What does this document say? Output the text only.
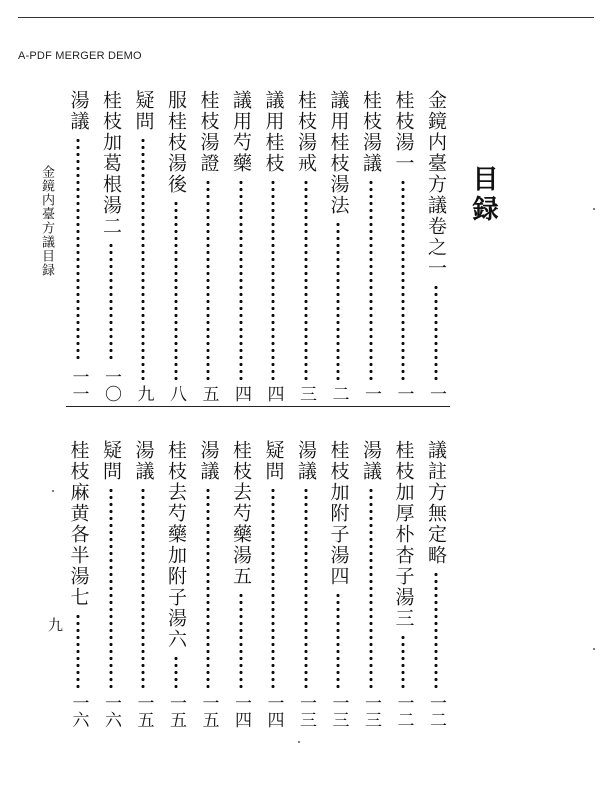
A-PDF MERGER DEMO
目録
金鏡内臺方議卷之一
一
桂枝湯一
一
桂枝湯議
一
議用桂枝湯法
二
桂枝湯戒
三
議用桂枝
四
議用芍藥
四
桂枝湯證
五
服桂枝湯後
八
疑問
九
桂枝加葛根湯二
一〇
湯議
一一
議註方無定略
一二
桂枝加厚朴杏子湯三
一二
湯議
一三
桂枝加附子湯四
一三
湯議
一三
疑問
一四
桂枝去芍藥湯五
一四
湯議
一五
桂枝去芍藥加附子湯六
一五
湯議
一五
疑問
一六
桂枝麻黄各半湯七
一六
金鏡内臺方議目録
九
